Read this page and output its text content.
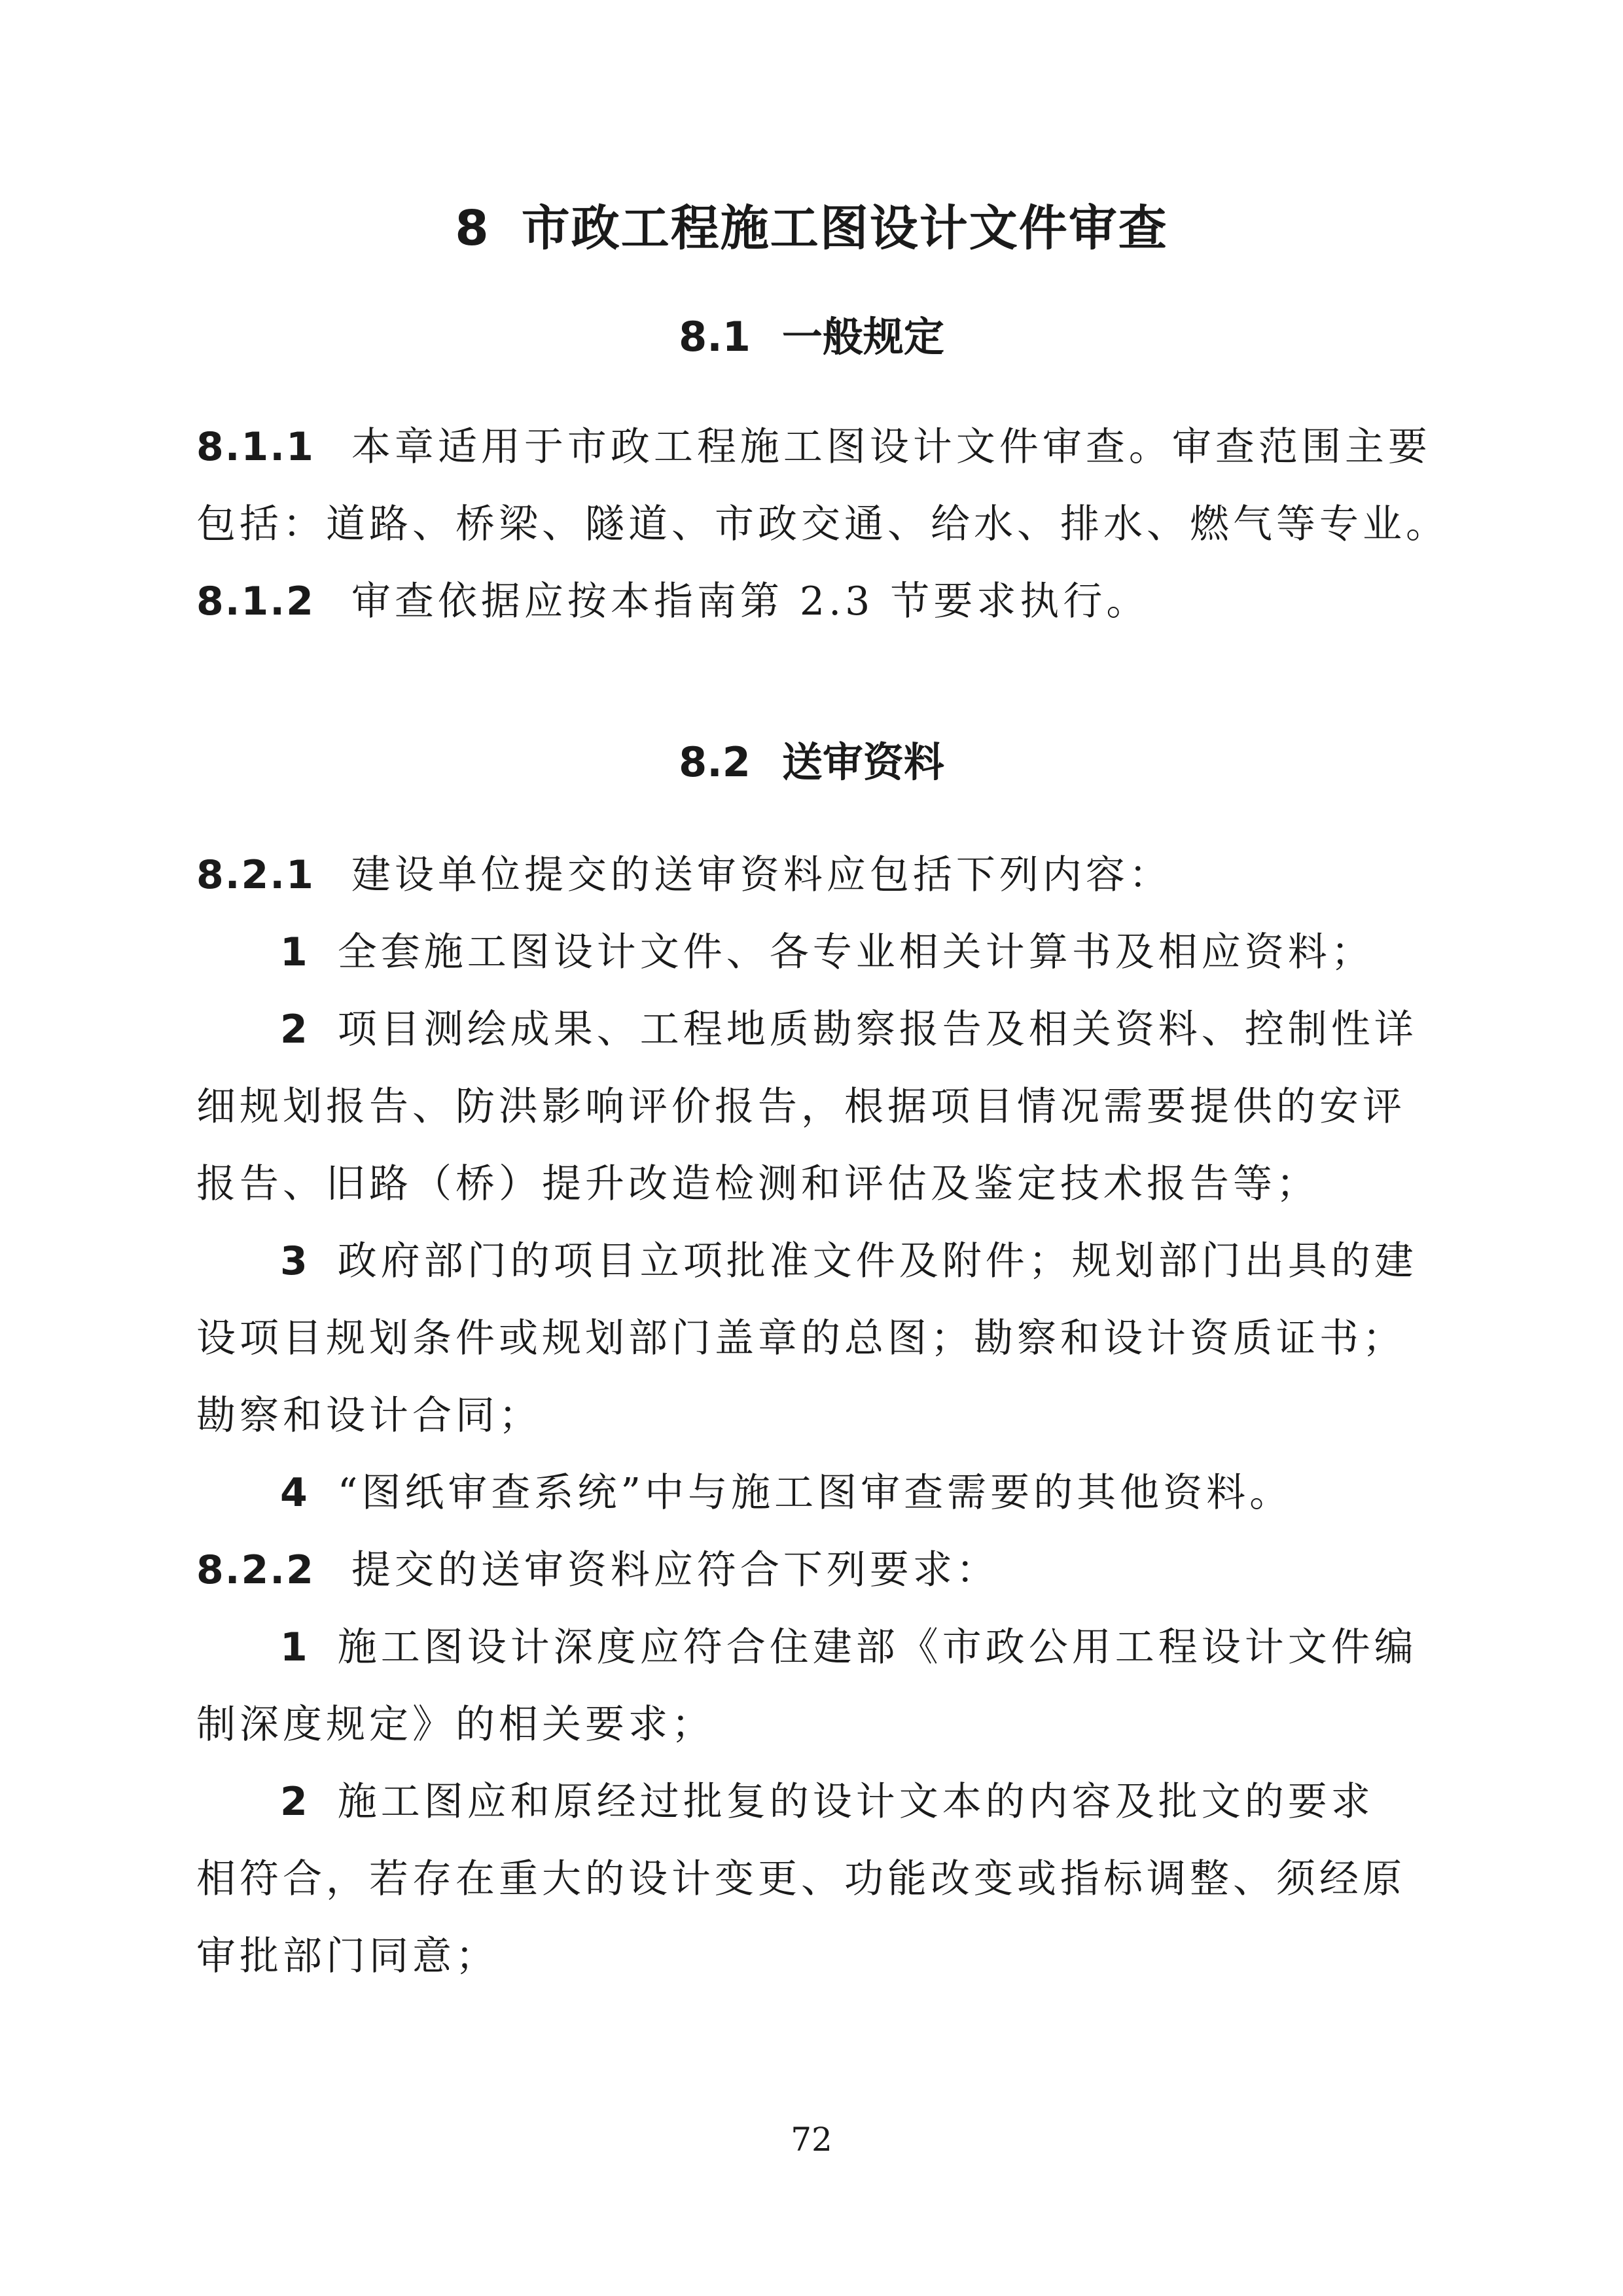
8 市政工程施工图设计文件审查
8.1 一般规定
8.1.1 本章适用于市政工程施工图设计文件审查。审查范围主要
包括：道路、桥梁、隧道、市政交通、给水、排水、燃气等专业。
8.1.2 审查依据应按本指南第 2.3 节要求执行。
8.2 送审资料
8.2.1 建设单位提交的送审资料应包括下列内容：
1 全套施工图设计文件、各专业相关计算书及相应资料；
2 项目测绘成果、工程地质勘察报告及相关资料、控制性详
细规划报告、防洪影响评价报告，根据项目情况需要提供的安评
报告、旧路（桥）提升改造检测和评估及鉴定技术报告等；
3 政府部门的项目立项批准文件及附件；规划部门出具的建
设项目规划条件或规划部门盖章的总图；勘察和设计资质证书；
勘察和设计合同；
4 “图纸审查系统”中与施工图审查需要的其他资料。
8.2.2 提交的送审资料应符合下列要求：
1 施工图设计深度应符合住建部《市政公用工程设计文件编
制深度规定》的相关要求；
2 施工图应和原经过批复的设计文本的内容及批文的要求
相符合，若存在重大的设计变更、功能改变或指标调整、须经原
审批部门同意；
72
